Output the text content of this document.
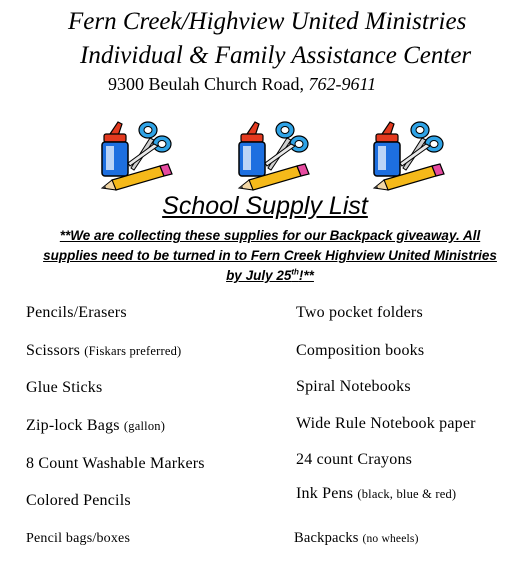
Fern Creek/Highview United Ministries
Individual & Family Assistance Center
9300 Beulah Church Road, 762-9611
School Supply List
**We are collecting these supplies for our Backpack giveaway. All supplies need to be turned in to Fern Creek Highview United Ministries by July 25th!**
Pencils/Erasers
Scissors (Fiskars preferred)
Glue Sticks
Zip-lock Bags (gallon)
8 Count Washable Markers
Colored Pencils
Pencil bags/boxes
Two pocket folders
Composition books
Spiral Notebooks
Wide Rule Notebook paper
24 count Crayons
Ink Pens (black, blue & red)
Backpacks (no wheels)
